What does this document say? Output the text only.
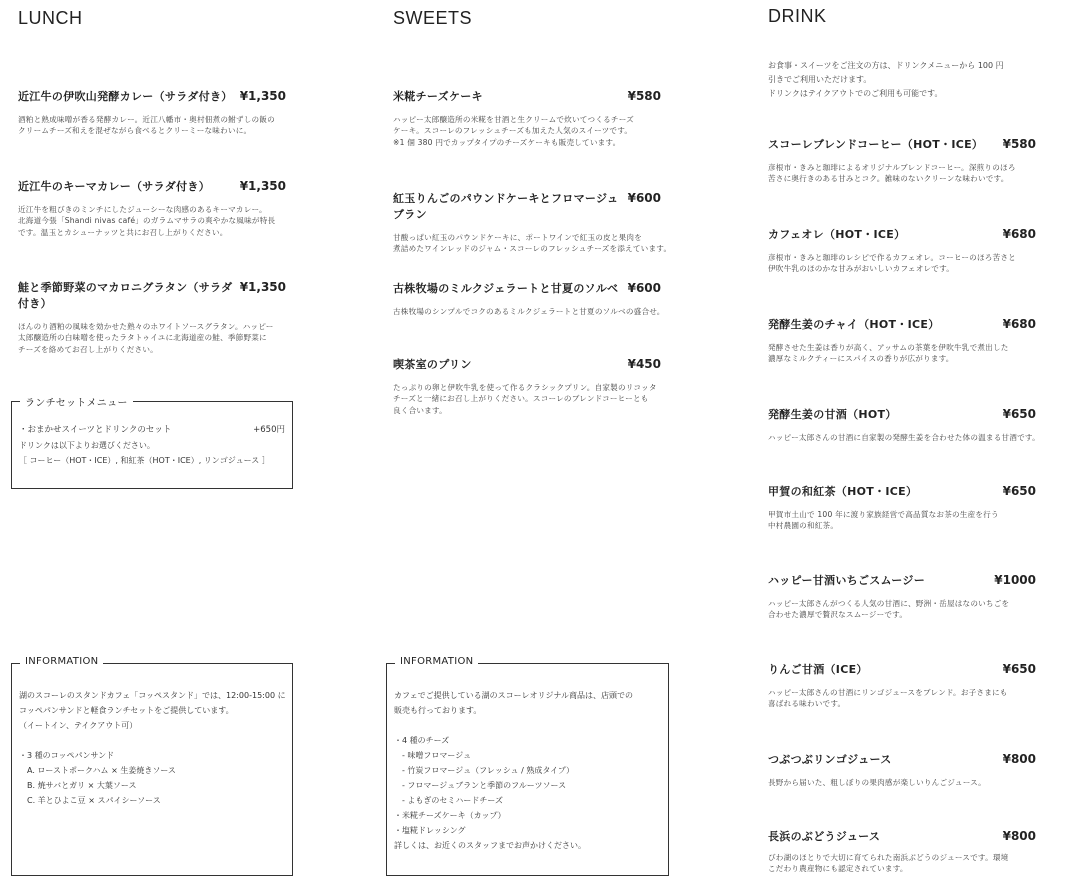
LUNCH
近江牛の伊吹山発酵カレー（サラダ付き） ¥1,350
酒粕と熟成味噌が香る発酵カレー。近江八幡市・奥村佃煮の鮒ずしの飯の
クリームチーズ和えを混ぜながら食べるとクリーミーな味わいに。
近江牛のキーマカレー（サラダ付き） ¥1,350
近江牛を粗びきのミンチにしたジューシーな肉感のあるキーマカレー。
北海道今張「Shandi nivas café」のガラムマサラの爽やかな風味が特長
です。温玉とカシューナッツと共にお召し上がりください。
鮭と季節野菜のマカロニグラタン（サラダ付き）
¥1,350
ほんのり酒粕の風味を効かせた熟々のホワイトソースグラタン。ハッピー
太郎醸造所の白味噌を使ったラタトゥイユに北海道産の鮭、季節野菜に
チーズを絡めてお召し上がりください。
ランチセットメニュー
・おまかせスイーツとドリンクのセット	+650円
ドリンクは以下よりお選びください。
［ コーヒー（HOT・ICE）, 和紅茶（HOT・ICE）, リンゴジュース ］
INFORMATION
湖のスコーレのスタンドカフェ「コッペスタンド」では、12:00-15:00 に
コッペパンサンドと軽食ランチセットをご提供しています。
（イートイン、テイクアウト可）
・3 種のコッペパンサンド
　A. ローストポークハム × 生姜焼きソース
　B. 焼サバとガリ × 大葉ソース
　C. 羊とひよこ豆 × スパイシーソース
SWEETS
米糀チーズケーキ	¥580
ハッピー太郎醸造所の米糀を甘酒と生クリームで炊いてつくるチーズ
ケーキ。スコーレのフレッシュチーズも加えた人気のスイーツです。
※1 個 380 円でカップタイプのチーズケーキも販売しています。
紅玉りんごのパウンドケーキとフロマージュブラン
¥600
甘酸っぱい紅玉のパウンドケーキに、ポートワインで紅玉の皮と果肉を
煮詰めたワインレッドのジャム・スコーレのフレッシュチーズを添えています。
古株牧場のミルクジェラートと甘夏のソルベ ¥600
古株牧場のシンプルでコクのあるミルクジェラートと甘夏のソルベの盛合せ。
喫茶室のプリン	¥450
たっぷりの卵と伊吹牛乳を使って作るクラシックプリン。自家製のリコッタ
チーズと一緒にお召し上がりください。スコーレのブレンドコーヒーとも
良く合います。
INFORMATION
カフェでご提供している湖のスコーレオリジナル商品は、店頭での
販売も行っております。
・4 種のチーズ
　- 味噌フロマージュ
　- 竹炭フロマージュ（フレッシュ / 熟成タイプ）
　- フロマージュブランと季節のフルーツソース
　- よもぎのセミハードチーズ
・米糀チーズケーキ（カップ）
・塩糀ドレッシング
詳しくは、お近くのスタッフまでお声かけください。
DRINK
お食事・スイーツをご注文の方は、ドリンクメニューから 100 円
引きでご利用いただけます。
ドリンクはテイクアウトでのご利用も可能です。
スコーレブレンドコーヒー（HOT・ICE） ¥580
彦根市・きみと珈琲によるオリジナルブレンドコーヒー。深煎りのほろ
苦さに奥行きのある甘みとコク。雑味のないクリーンな味わいです。
カフェオレ（HOT・ICE）	¥680
彦根市・きみと珈琲のレシピで作るカフェオレ。コーヒーのほろ苦さと
伊吹牛乳のほのかな甘みがおいしいカフェオレです。
発酵生姜のチャイ（HOT・ICE）	¥680
発酵させた生姜は香りが高く、アッサムの茶葉を伊吹牛乳で煮出した
濃厚なミルクティーにスパイスの香りが広がります。
発酵生姜の甘酒（HOT）	¥650
ハッピー太郎さんの甘酒に自家製の発酵生姜を合わせた体の温まる甘酒です。
甲賀の和紅茶（HOT・ICE）	¥650
甲賀市土山で 100 年に渡り家族経営で高品質なお茶の生産を行う
中村農園の和紅茶。
ハッピー甘酒いちごスムージー	¥1000
ハッピー太郎さんがつくる人気の甘酒に、野洲・岳屋はなのいちごを
合わせた濃厚で贅沢なスムージーです。
りんご甘酒（ICE）	¥650
ハッピー太郎さんの甘酒にリンゴジュースをブレンド。お子さまにも
喜ばれる味わいです。
つぶつぶリンゴジュース	¥800
長野から届いた、粗しぼりの果肉感が楽しいりんごジュース。
長浜のぶどうジュース	¥800
びわ湖のほとりで大切に育てられた南浜ぶどうのジュースです。環境
こだわり農産物にも認定されています。
